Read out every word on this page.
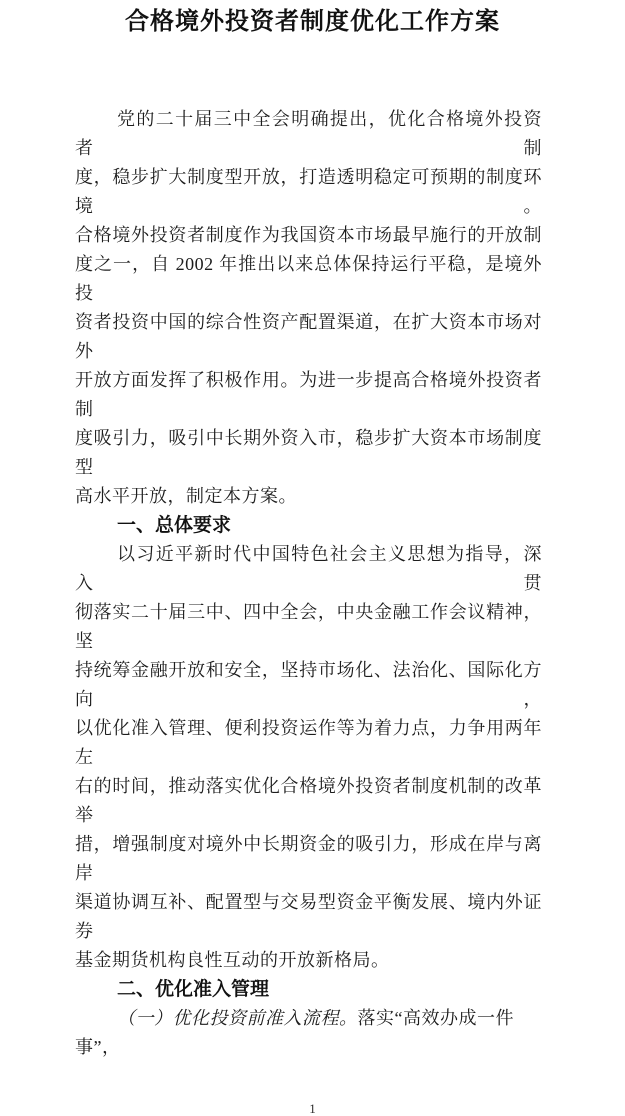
合格境外投资者制度优化工作方案
党的二十届三中全会明确提出，优化合格境外投资者制
度，稳步扩大制度型开放，打造透明稳定可预期的制度环境。
合格境外投资者制度作为我国资本市场最早施行的开放制
度之一，自 2002 年推出以来总体保持运行平稳，是境外投
资者投资中国的综合性资产配置渠道，在扩大资本市场对外
开放方面发挥了积极作用。为进一步提高合格境外投资者制
度吸引力，吸引中长期外资入市，稳步扩大资本市场制度型
高水平开放，制定本方案。
一、总体要求
以习近平新时代中国特色社会主义思想为指导，深入贯
彻落实二十届三中、四中全会，中央金融工作会议精神，坚
持统筹金融开放和安全，坚持市场化、法治化、国际化方向，
以优化准入管理、便利投资运作等为着力点，力争用两年左
右的时间，推动落实优化合格境外投资者制度机制的改革举
措，增强制度对境外中长期资金的吸引力，形成在岸与离岸
渠道协调互补、配置型与交易型资金平衡发展、境内外证券
基金期货机构良性互动的开放新格局。
二、优化准入管理
（一）优化投资前准入流程。落实“高效办成一件事”，
1
